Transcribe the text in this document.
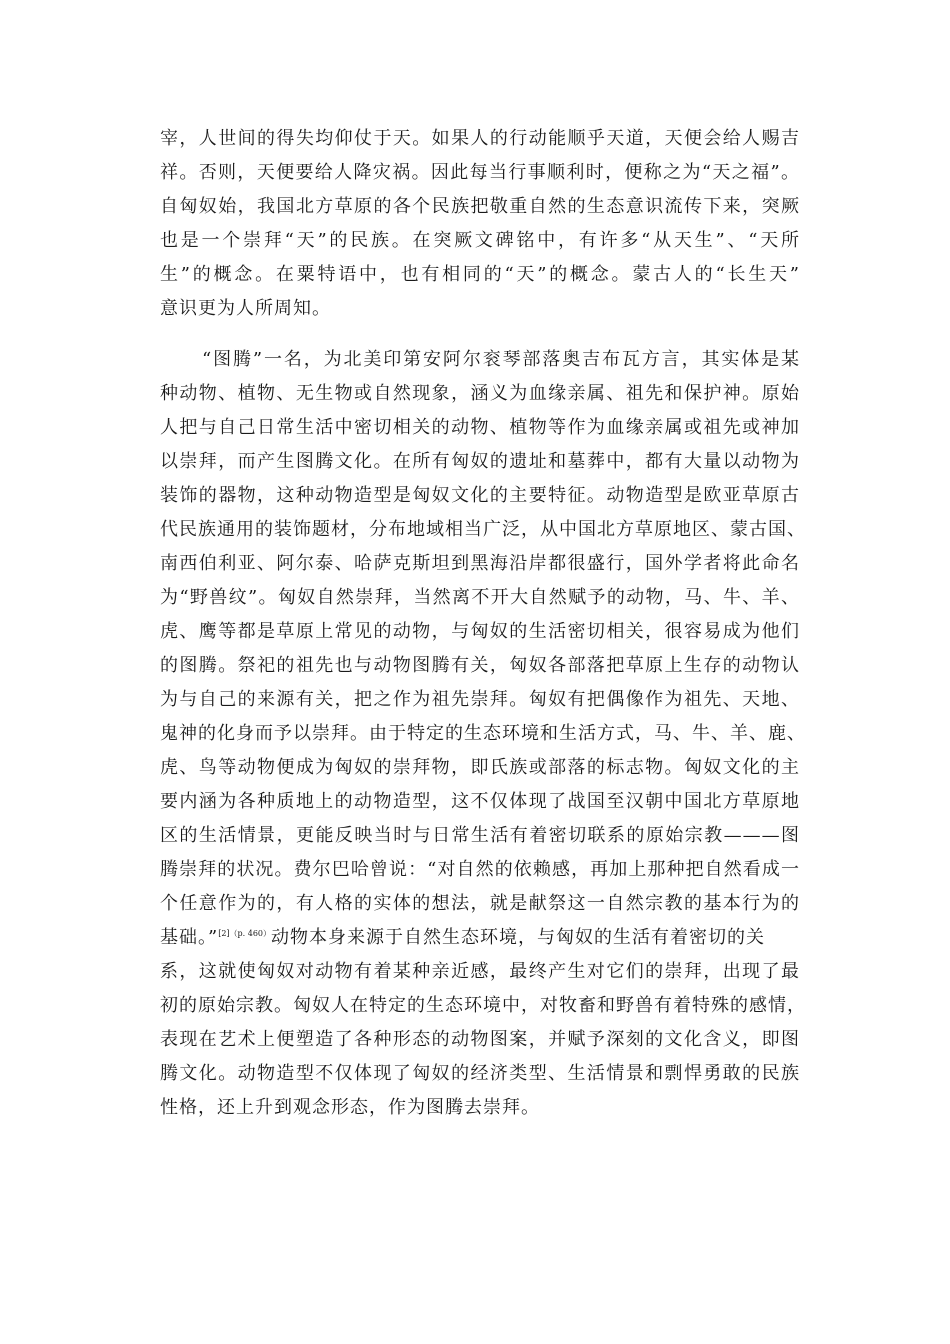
宰，人世间的得失均仰仗于天。如果人的行动能顺乎天道，天便会给人赐吉
祥。否则，天便要给人降灾祸。因此每当行事顺利时，便称之为“天之福”。
自匈奴始，我国北方草原的各个民族把敬重自然的生态意识流传下来，突厥
也是一个崇拜“天”的民族。在突厥文碑铭中，有许多“从天生”、“天所
生”的概念。在粟特语中，也有相同的“天”的概念。蒙古人的“长生天”
意识更为人所周知。
“图腾”一名，为北美印第安阿尔衮琴部落奥吉布瓦方言，其实体是某
种动物、植物、无生物或自然现象，涵义为血缘亲属、祖先和保护神。原始
人把与自己日常生活中密切相关的动物、植物等作为血缘亲属或祖先或神加
以崇拜，而产生图腾文化。在所有匈奴的遗址和墓葬中，都有大量以动物为
装饰的器物，这种动物造型是匈奴文化的主要特征。动物造型是欧亚草原古
代民族通用的装饰题材，分布地域相当广泛，从中国北方草原地区、蒙古国、
南西伯利亚、阿尔泰、哈萨克斯坦到黑海沿岸都很盛行，国外学者将此命名
为“野兽纹”。匈奴自然崇拜，当然离不开大自然赋予的动物，马、牛、羊、
虎、鹰等都是草原上常见的动物，与匈奴的生活密切相关，很容易成为他们
的图腾。祭祀的祖先也与动物图腾有关，匈奴各部落把草原上生存的动物认
为与自己的来源有关，把之作为祖先崇拜。匈奴有把偶像作为祖先、天地、
鬼神的化身而予以崇拜。由于特定的生态环境和生活方式，马、牛、羊、鹿、
虎、鸟等动物便成为匈奴的崇拜物，即氏族或部落的标志物。匈奴文化的主
要内涵为各种质地上的动物造型，这不仅体现了战国至汉朝中国北方草原地
区的生活情景，更能反映当时与日常生活有着密切联系的原始宗教———图
腾崇拜的状况。费尔巴哈曾说：“对自然的依赖感，再加上那种把自然看成一
个任意作为的，有人格的实体的想法，就是献祭这一自然宗教的基本行为的
基础。”$^{[2](p. 460)}$动物本身来源于自然生态环境，与匈奴的生活有着密切的关
系，这就使匈奴对动物有着某种亲近感，最终产生对它们的崇拜，出现了最
初的原始宗教。匈奴人在特定的生态环境中，对牧畜和野兽有着特殊的感情，
表现在艺术上便塑造了各种形态的动物图案，并赋予深刻的文化含义，即图
腾文化。动物造型不仅体现了匈奴的经济类型、生活情景和剽悍勇敢的民族
性格，还上升到观念形态，作为图腾去崇拜。
